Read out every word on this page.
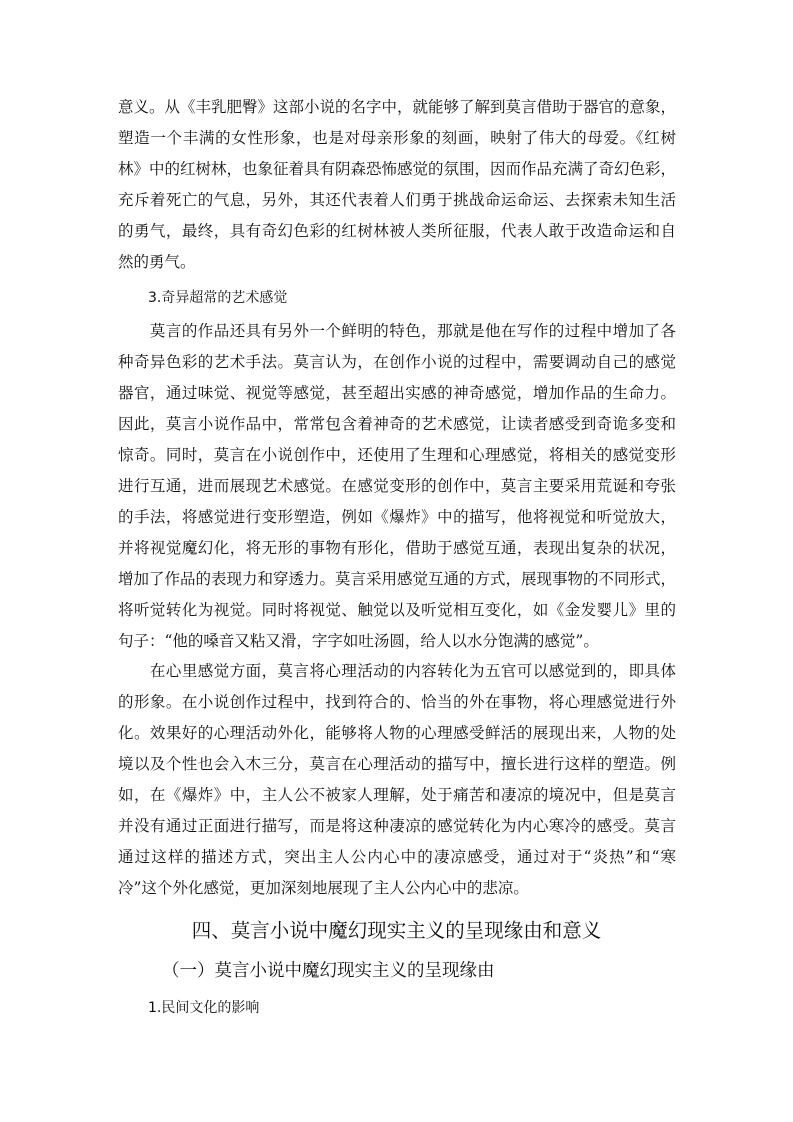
意义。从《丰乳肥臀》这部小说的名字中，就能够了解到莫言借助于器官的意象，
塑造一个丰满的女性形象，也是对母亲形象的刻画，映射了伟大的母爱。《红树
林》中的红树林，也象征着具有阴森恐怖感觉的氛围，因而作品充满了奇幻色彩，
充斥着死亡的气息，另外，其还代表着人们勇于挑战命运命运、去探索未知生活
的勇气，最终，具有奇幻色彩的红树林被人类所征服，代表人敢于改造命运和自
然的勇气。
3.奇异超常的艺术感觉
　　莫言的作品还具有另外一个鲜明的特色，那就是他在写作的过程中增加了各
种奇异色彩的艺术手法。莫言认为，在创作小说的过程中，需要调动自己的感觉
器官，通过味觉、视觉等感觉，甚至超出实感的神奇感觉，增加作品的生命力。
因此，莫言小说作品中，常常包含着神奇的艺术感觉，让读者感受到奇诡多变和
惊奇。同时，莫言在小说创作中，还使用了生理和心理感觉，将相关的感觉变形
进行互通，进而展现艺术感觉。在感觉变形的创作中，莫言主要采用荒诞和夸张
的手法，将感觉进行变形塑造，例如《爆炸》中的描写，他将视觉和听觉放大，
并将视觉魔幻化，将无形的事物有形化，借助于感觉互通，表现出复杂的状况，
增加了作品的表现力和穿透力。莫言采用感觉互通的方式，展现事物的不同形式，
将听觉转化为视觉。同时将视觉、触觉以及听觉相互变化，如《金发婴儿》里的
句子：“他的嗓音又粘又滑，字字如吐汤圆，给人以水分饱满的感觉”。
　　在心里感觉方面，莫言将心理活动的内容转化为五官可以感觉到的，即具体
的形象。在小说创作过程中，找到符合的、恰当的外在事物，将心理感觉进行外
化。效果好的心理活动外化，能够将人物的心理感受鲜活的展现出来，人物的处
境以及个性也会入木三分，莫言在心理活动的描写中，擅长进行这样的塑造。例
如，在《爆炸》中，主人公不被家人理解，处于痛苦和凄凉的境况中，但是莫言
并没有通过正面进行描写，而是将这种凄凉的感觉转化为内心寒冷的感受。莫言
通过这样的描述方式，突出主人公内心中的凄凉感受，通过对于“炎热”和“寒
冷”这个外化感觉，更加深刻地展现了主人公内心中的悲凉。
四、莫言小说中魔幻现实主义的呈现缘由和意义
（一）莫言小说中魔幻现实主义的呈现缘由
1.民间文化的影响
